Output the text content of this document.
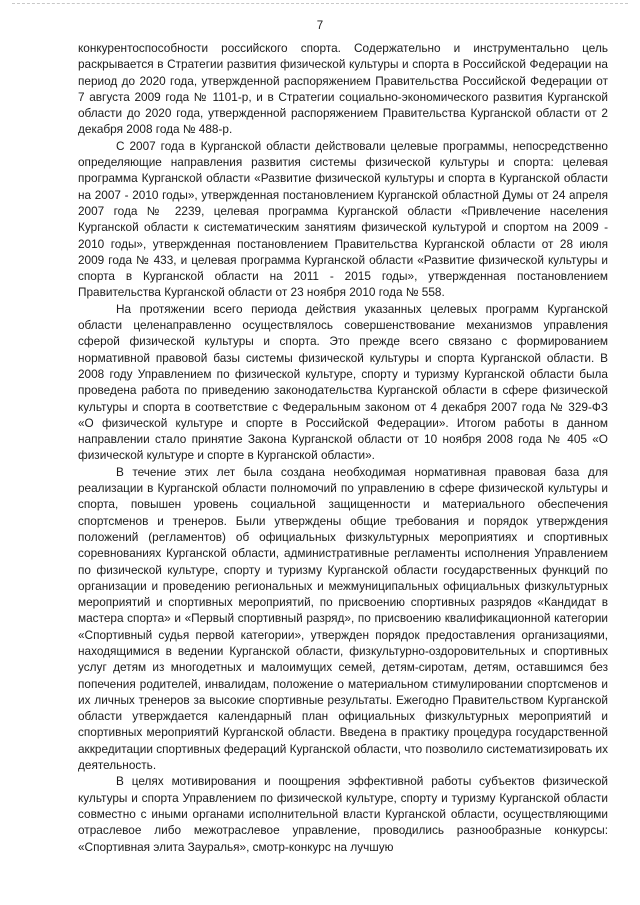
7

конкурентоспособности российского спорта. Содержательно и инструментально цель раскрывается в Стратегии развития физической культуры и спорта в Российской Федерации на период до 2020 года, утвержденной распоряжением Правительства Российской Федерации от 7 августа 2009 года № 1101-р, и в Стратегии социально-экономического развития Курганской области до 2020 года, утвержденной распоряжением Правительства Курганской области от 2 декабря 2008 года № 488-р.

С 2007 года в Курганской области действовали целевые программы, непосредственно определяющие направления развития системы физической культуры и спорта: целевая программа Курганской области «Развитие физической культуры и спорта в Курганской области на 2007 - 2010 годы», утвержденная постановлением Курганской областной Думы от 24 апреля 2007 года № 2239, целевая программа Курганской области «Привлечение населения Курганской области к систематическим занятиям физической культурой и спортом на 2009 - 2010 годы», утвержденная постановлением Правительства Курганской области от 28 июля 2009 года № 433, и целевая программа Курганской области «Развитие физической культуры и спорта в Курганской области на 2011 - 2015 годы», утвержденная постановлением Правительства Курганской области от 23 ноября 2010 года № 558.

На протяжении всего периода действия указанных целевых программ Курганской области целенаправленно осуществлялось совершенствование механизмов управления сферой физической культуры и спорта. Это прежде всего связано с формированием нормативной правовой базы системы физической культуры и спорта Курганской области. В 2008 году Управлением по физической культуре, спорту и туризму Курганской области была проведена работа по приведению законодательства Курганской области в сфере физической культуры и спорта в соответствие с Федеральным законом от 4 декабря 2007 года № 329-ФЗ «О физической культуре и спорте в Российской Федерации». Итогом работы в данном направлении стало принятие Закона Курганской области от 10 ноября 2008 года № 405 «О физической культуре и спорте в Курганской области».

В течение этих лет была создана необходимая нормативная правовая база для реализации в Курганской области полномочий по управлению в сфере физической культуры и спорта, повышен уровень социальной защищенности и материального обеспечения спортсменов и тренеров. Были утверждены общие требования и порядок утверждения положений (регламентов) об официальных физкультурных мероприятиях и спортивных соревнованиях Курганской области, административные регламенты исполнения Управлением по физической культуре, спорту и туризму Курганской области государственных функций по организации и проведению региональных и межмуниципальных официальных физкультурных мероприятий и спортивных мероприятий, по присвоению спортивных разрядов «Кандидат в мастера спорта» и «Первый спортивный разряд», по присвоению квалификационной категории «Спортивный судья первой категории», утвержден порядок предоставления организациями, находящимися в ведении Курганской области, физкультурно-оздоровительных и спортивных услуг детям из многодетных и малоимущих семей, детям-сиротам, детям, оставшимся без попечения родителей, инвалидам, положение о материальном стимулировании спортсменов и их личных тренеров за высокие спортивные результаты. Ежегодно Правительством Курганской области утверждается календарный план официальных физкультурных мероприятий и спортивных мероприятий Курганской области. Введена в практику процедура государственной аккредитации спортивных федераций Курганской области, что позволило систематизировать их деятельность.

В целях мотивирования и поощрения эффективной работы субъектов физической культуры и спорта Управлением по физической культуре, спорту и туризму Курганской области совместно с иными органами исполнительной власти Курганской области, осуществляющими отраслевое либо межотраслевое управление, проводились разнообразные конкурсы: «Спортивная элита Зауралья», смотр-конкурс на лучшую
